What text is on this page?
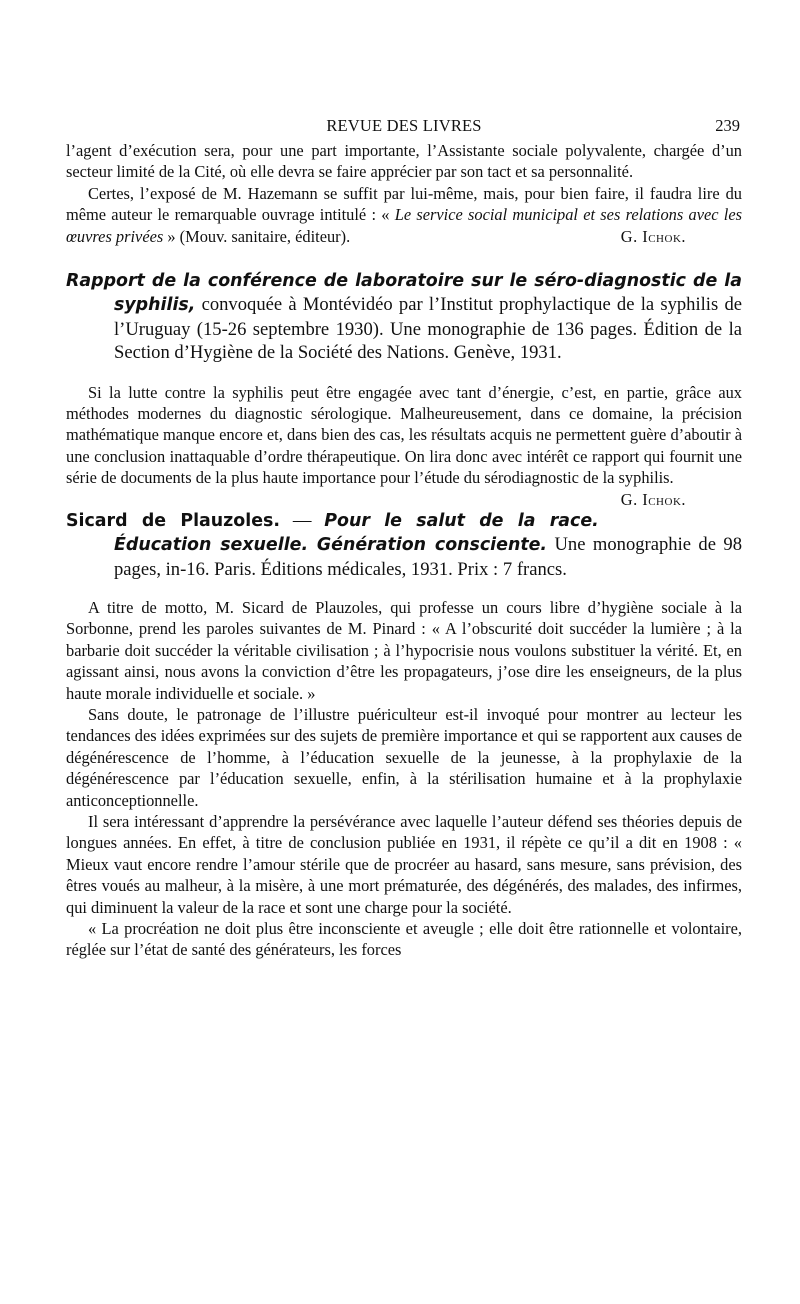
REVUE DES LIVRES	239

l’agent d’exécution sera, pour une part importante, l’Assistante sociale polyvalente, chargée d’un secteur limité de la Cité, où elle devra se faire apprécier par son tact et sa personnalité.

Certes, l’exposé de M. Hazemann se suffit par lui-même, mais, pour bien faire, il faudra lire du même auteur le remarquable ouvrage intitulé : « Le service social municipal et ses relations avec les œuvres privées » (Mouv. sanitaire, éditeur).	G. Ichok.

Rapport de la conférence de laboratoire sur le séro-diagnostic de la syphilis, convoquée à Montévidéo par l’Institut prophylactique de la syphilis de l’Uruguay (15-26 septembre 1930). Une monographie de 136 pages. Édition de la Section d’Hygiène de la Société des Nations. Genève, 1931.

Si la lutte contre la syphilis peut être engagée avec tant d’énergie, c’est, en partie, grâce aux méthodes modernes du diagnostic sérologique. Malheureusement, dans ce domaine, la précision mathématique manque encore et, dans bien des cas, les résultats acquis ne permettent guère d’aboutir à une conclusion inattaquable d’ordre thérapeutique. On lira donc avec intérêt ce rapport qui fournit une série de documents de la plus haute importance pour l’étude du sérodiagnostic de la syphilis.
G. Ichok.

Sicard de Plauzoles. — Pour le salut de la race. Éducation sexuelle. Génération consciente. Une monographie de 98 pages, in-16. Paris. Éditions médicales, 1931. Prix : 7 francs.

A titre de motto, M. Sicard de Plauzoles, qui professe un cours libre d’hygiène sociale à la Sorbonne, prend les paroles suivantes de M. Pinard : « A l’obscurité doit succéder la lumière ; à la barbarie doit succéder la véritable civilisation ; à l’hypocrisie nous voulons substituer la vérité. Et, en agissant ainsi, nous avons la conviction d’être les propagateurs, j’ose dire les enseigneurs, de la plus haute morale individuelle et sociale. »

Sans doute, le patronage de l’illustre puériculteur est-il invoqué pour montrer au lecteur les tendances des idées exprimées sur des sujets de première importance et qui se rapportent aux causes de dégénérescence de l’homme, à l’éducation sexuelle de la jeunesse, à la prophylaxie de la dégénérescence par l’éducation sexuelle, enfin, à la stérilisation humaine et à la prophylaxie anticonceptionnelle.

Il sera intéressant d’apprendre la persévérance avec laquelle l’auteur défend ses théories depuis de longues années. En effet, à titre de conclusion publiée en 1931, il répète ce qu’il a dit en 1908 : « Mieux vaut encore rendre l’amour stérile que de procréer au hasard, sans mesure, sans prévision, des êtres voués au malheur, à la misère, à une mort prématurée, des dégénérés, des malades, des infirmes, qui diminuent la valeur de la race et sont une charge pour la société.

« La procréation ne doit plus être inconsciente et aveugle ; elle doit être rationnelle et volontaire, réglée sur l’état de santé des générateurs, les forces
